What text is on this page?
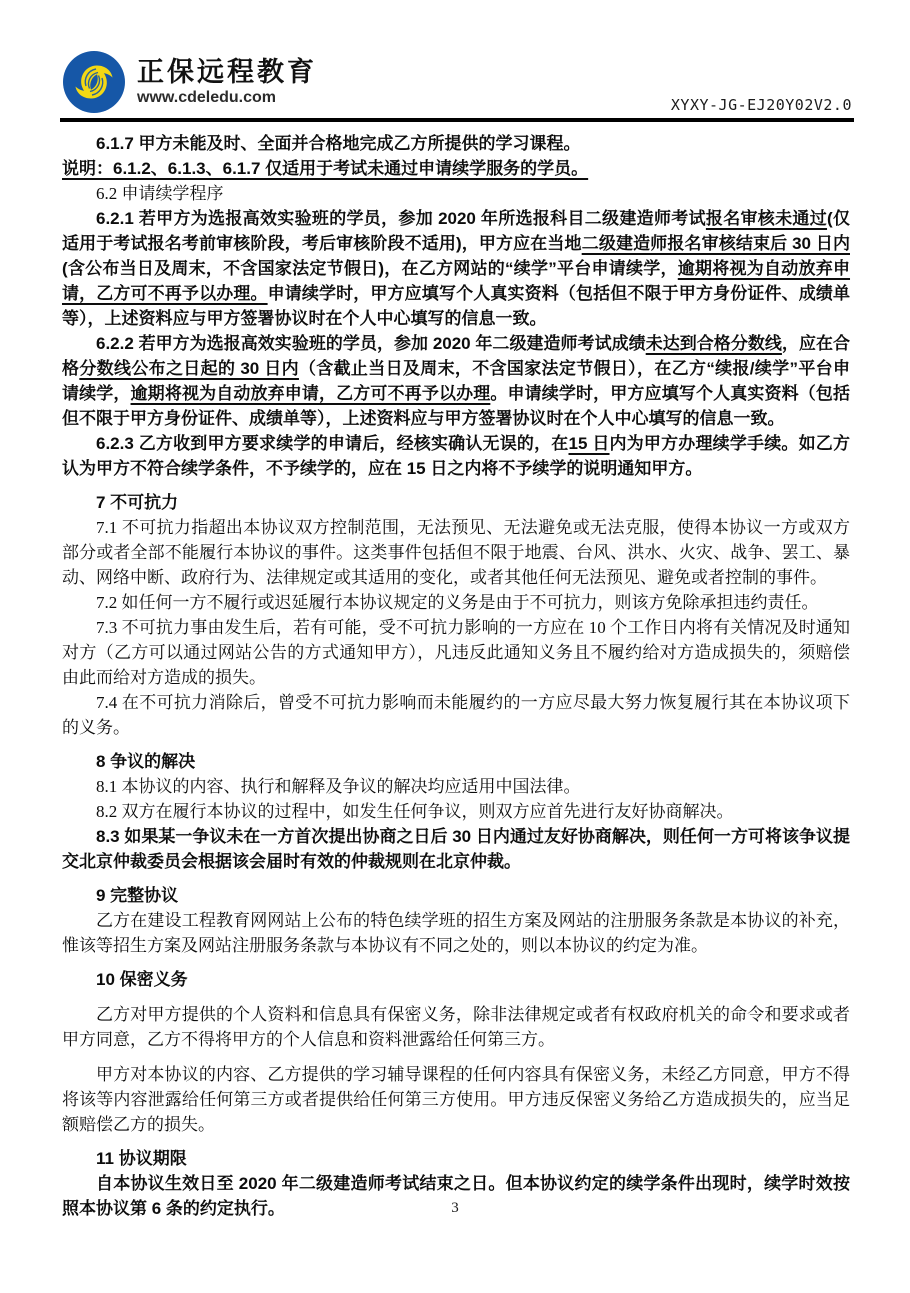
正保远程教育
www.cdeledu.com	XYXY-JG-EJ20Y02V2.0

6.1.7 甲方未能及时、全面并合格地完成乙方所提供的学习课程。

说明：6.1.2、6.1.3、6.1.7 仅适用于考试未通过申请续学服务的学员。

6.2 申请续学程序

6.2.1 若甲方为选报高效实验班的学员，参加 2020 年所选报科目二级建造师考试报名审核未通过(仅适用于考试报名考前审核阶段，考后审核阶段不适用)，甲方应在当地二级建造师报名审核结束后 30 日内(含公布当日及周末，不含国家法定节假日)，在乙方网站的“续学”平台申请续学，逾期将视为自动放弃申请，乙方可不再予以办理。申请续学时，甲方应填写个人真实资料（包括但不限于甲方身份证件、成绩单等），上述资料应与甲方签署协议时在个人中心填写的信息一致。

6.2.2 若甲方为选报高效实验班的学员，参加 2020 年二级建造师考试成绩未达到合格分数线，应在合格分数线公布之日起的 30 日内（含截止当日及周末，不含国家法定节假日），在乙方“续报/续学”平台申请续学，逾期将视为自动放弃申请，乙方可不再予以办理。申请续学时，甲方应填写个人真实资料（包括但不限于甲方身份证件、成绩单等），上述资料应与甲方签署协议时在个人中心填写的信息一致。

6.2.3 乙方收到甲方要求续学的申请后，经核实确认无误的，在15 日内为甲方办理续学手续。如乙方认为甲方不符合续学条件，不予续学的，应在 15 日之内将不予续学的说明通知甲方。

7 不可抗力

7.1 不可抗力指超出本协议双方控制范围，无法预见、无法避免或无法克服，使得本协议一方或双方部分或者全部不能履行本协议的事件。这类事件包括但不限于地震、台风、洪水、火灾、战争、罢工、暴动、网络中断、政府行为、法律规定或其适用的变化，或者其他任何无法预见、避免或者控制的事件。

7.2 如任何一方不履行或迟延履行本协议规定的义务是由于不可抗力，则该方免除承担违约责任。

7.3 不可抗力事由发生后，若有可能，受不可抗力影响的一方应在 10 个工作日内将有关情况及时通知对方（乙方可以通过网站公告的方式通知甲方），凡违反此通知义务且不履约给对方造成损失的，须赔偿由此而给对方造成的损失。

7.4 在不可抗力消除后，曾受不可抗力影响而未能履约的一方应尽最大努力恢复履行其在本协议项下的义务。

8 争议的解决

8.1 本协议的内容、执行和解释及争议的解决均应适用中国法律。

8.2 双方在履行本协议的过程中，如发生任何争议，则双方应首先进行友好协商解决。

8.3 如果某一争议未在一方首次提出协商之日后 30 日内通过友好协商解决，则任何一方可将该争议提交北京仲裁委员会根据该会届时有效的仲裁规则在北京仲裁。

9 完整协议

乙方在建设工程教育网网站上公布的特色续学班的招生方案及网站的注册服务条款是本协议的补充，惟该等招生方案及网站注册服务条款与本协议有不同之处的，则以本协议的约定为准。

10 保密义务

乙方对甲方提供的个人资料和信息具有保密义务，除非法律规定或者有权政府机关的命令和要求或者甲方同意，乙方不得将甲方的个人信息和资料泄露给任何第三方。

甲方对本协议的内容、乙方提供的学习辅导课程的任何内容具有保密义务，未经乙方同意，甲方不得将该等内容泄露给任何第三方或者提供给任何第三方使用。甲方违反保密义务给乙方造成损失的，应当足额赔偿乙方的损失。

11 协议期限

自本协议生效日至 2020 年二级建造师考试结束之日。但本协议约定的续学条件出现时，续学时效按照本协议第 6 条的约定执行。	3
